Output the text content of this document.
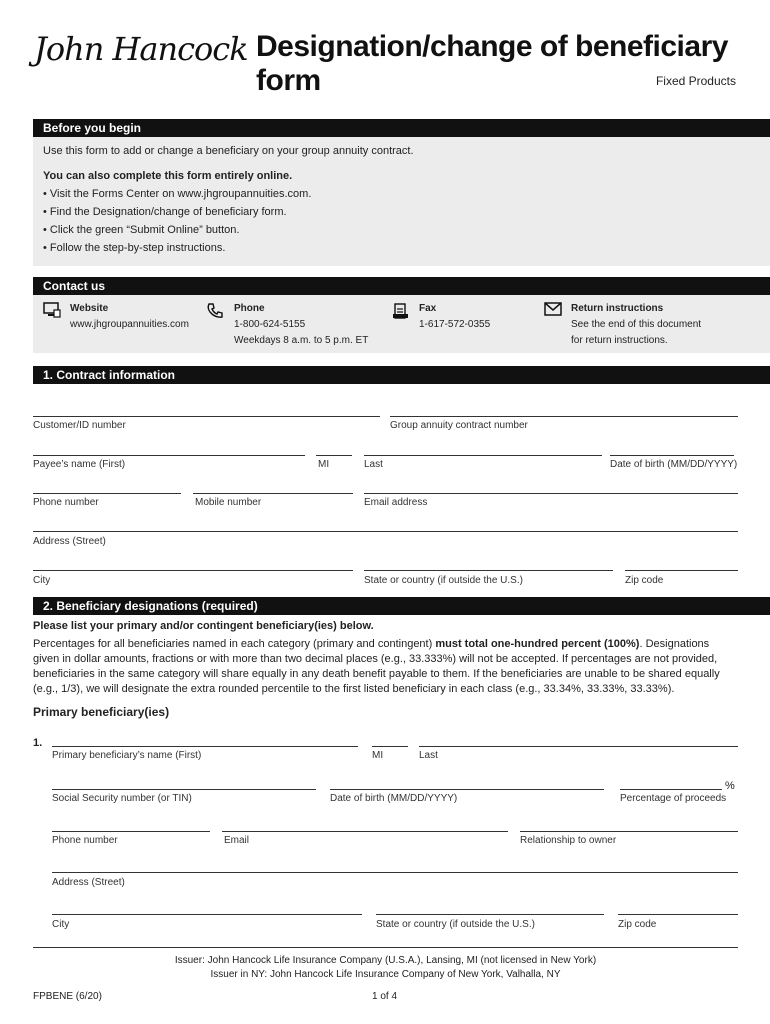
John Hancock Designation/change of beneficiary form	Fixed Products
Before you begin
Use this form to add or change a beneficiary on your group annuity contract.
You can also complete this form entirely online.
• Visit the Forms Center on www.jhgroupannuities.com.
• Find the Designation/change of beneficiary form.
• Click the green “Submit Online” button.
• Follow the step-by-step instructions.
Contact us
Website
www.jhgroupannuities.com
Phone
1-800-624-5155
Weekdays 8 a.m. to 5 p.m. ET
Fax
1-617-572-0355
Return instructions
See the end of this document
for return instructions.
1. Contract information
Customer/ID number	Group annuity contract number
Payee’s name (First)	MI	Last	Date of birth (MM/DD/YYYY)
Phone number	Mobile number	Email address
Address (Street)
City	State or country (if outside the U.S.)	Zip code
2. Beneficiary designations (required)
Please list your primary and/or contingent beneficiary(ies) below.
Percentages for all beneficiaries named in each category (primary and contingent) must total one-hundred percent (100%). Designations given in dollar amounts, fractions or with more than two decimal places (e.g., 33.333%) will not be accepted. If percentages are not provided, beneficiaries in the same category will share equally in any death benefit payable to them. If the beneficiaries are unable to be shared equally (e.g., 1/3), we will designate the extra rounded percentile to the first listed beneficiary in each class (e.g., 33.34%, 33.33%, 33.33%).
Primary beneficiary(ies)
1.
Primary beneficiary’s name (First)	MI	Last
Social Security number (or TIN)	Date of birth (MM/DD/YYYY)
%
Percentage of proceeds
Phone number	Email	Relationship to owner
Address (Street)
City	State or country (if outside the U.S.)	Zip code
Issuer: John Hancock Life Insurance Company (U.S.A.), Lansing, MI (not licensed in New York)
Issuer in NY: John Hancock Life Insurance Company of New York, Valhalla, NY
FPBENE (6/20)	1 of 4
